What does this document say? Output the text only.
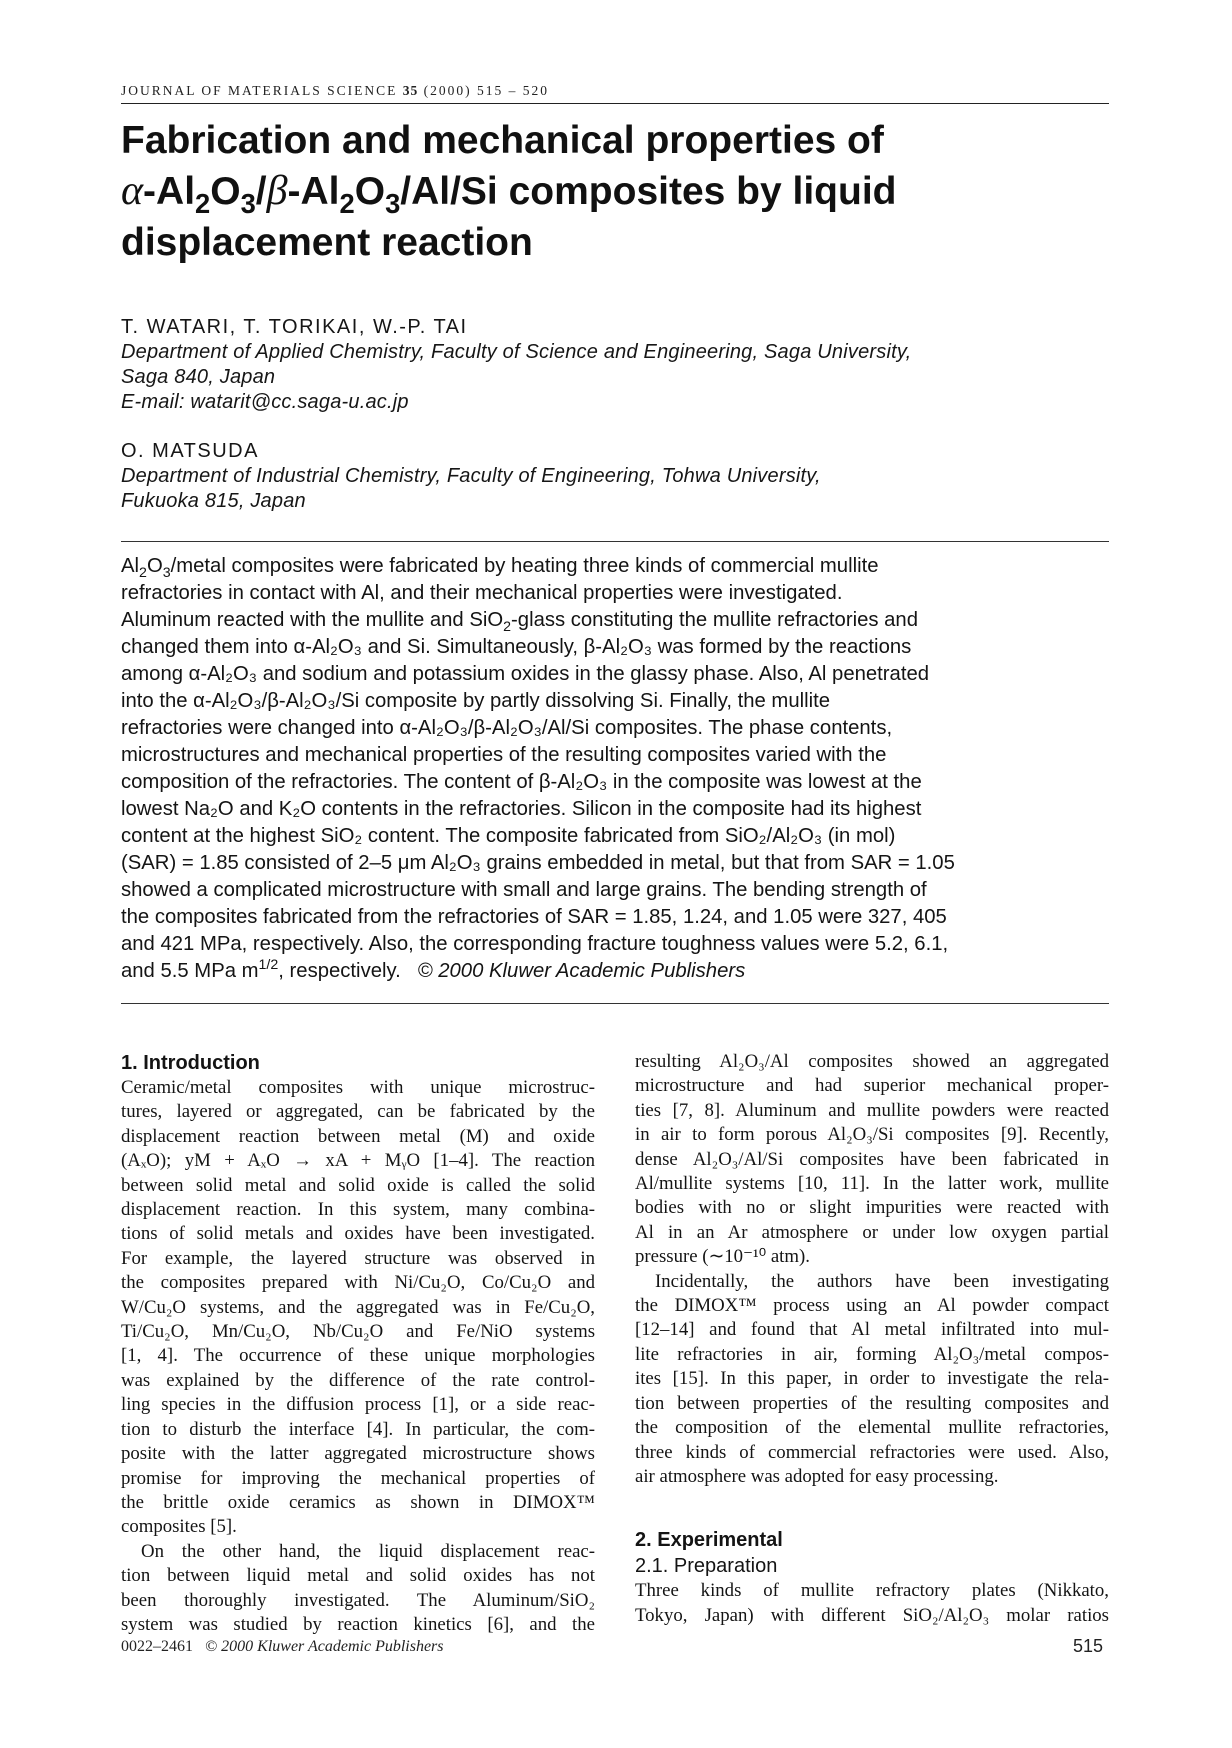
JOURNAL OF MATERIALS SCIENCE 35 (2000) 515 – 520
Fabrication and mechanical properties of
$\alpha-Al_2O_3/\beta-Al_2O_3/Al/Si$ composites by liquid
displacement reaction
T. WATARI, T. TORIKAI, W.-P. TAI
Department of Applied Chemistry, Faculty of Science and Engineering, Saga University,
Saga 840, Japan
E-mail: watarit@cc.saga-u.ac.jp
O. MATSUDA
Department of Industrial Chemistry, Faculty of Engineering, Tohwa University,
Fukuoka 815, Japan
$Al_2O_3$/metal composites were fabricated by heating three kinds of commercial mullite
refractories in contact with Al, and their mechanical properties were investigated.
Aluminum reacted with the mullite and SiO$_2$-glass constituting the mullite refractories and
changed them into α-Al₂O₃ and Si. Simultaneously, β-Al₂O₃ was formed by the reactions
among α-Al₂O₃ and sodium and potassium oxides in the glassy phase. Also, Al penetrated
into the α-Al₂O₃/β-Al₂O₃/Si composite by partly dissolving Si. Finally, the mullite
refractories were changed into α-Al₂O₃/β-Al₂O₃/Al/Si composites. The phase contents,
microstructures and mechanical properties of the resulting composites varied with the
composition of the refractories. The content of β-Al₂O₃ in the composite was lowest at the
lowest Na₂O and K₂O contents in the refractories. Silicon in the composite had its highest
content at the highest SiO₂ content. The composite fabricated from SiO₂/Al₂O₃ (in mol)
(SAR) = 1.85 consisted of 2–5 μm Al₂O₃ grains embedded in metal, but that from SAR = 1.05
showed a complicated microstructure with small and large grains. The bending strength of
the composites fabricated from the refractories of SAR = 1.85, 1.24, and 1.05 were 327, 405
and 421 MPa, respectively. Also, the corresponding fracture toughness values were 5.2, 6.1,
and 5.5 MPa $m^{1/2}$, respectively. © 2000 Kluwer Academic Publishers
1. Introduction
Ceramic/metal composites with unique microstruc-
tures, layered or aggregated, can be fabricated by the
displacement reaction between metal (M) and oxide
(AₓO); yM + AₓO → xA + MᵧO [1–4]. The reaction
between solid metal and solid oxide is called the solid
displacement reaction. In this system, many combina-
tions of solid metals and oxides have been investigated.
For example, the layered structure was observed in
the composites prepared with Ni/Cu₂O, Co/Cu₂O and
W/Cu₂O systems, and the aggregated was in Fe/Cu₂O,
Ti/Cu₂O, Mn/Cu₂O, Nb/Cu₂O and Fe/NiO systems
[1, 4]. The occurrence of these unique morphologies
was explained by the difference of the rate control-
ling species in the diffusion process [1], or a side reac-
tion to disturb the interface [4]. In particular, the com-
posite with the latter aggregated microstructure shows
promise for improving the mechanical properties of
the brittle oxide ceramics as shown in DIMOX™
composites [5].
On the other hand, the liquid displacement reac-
tion between liquid metal and solid oxides has not
been thoroughly investigated. The Aluminum/SiO₂
system was studied by reaction kinetics [6], and the
resulting Al₂O₃/Al composites showed an aggregated
microstructure and had superior mechanical proper-
ties [7, 8]. Aluminum and mullite powders were reacted
in air to form porous Al₂O₃/Si composites [9]. Recently,
dense Al₂O₃/Al/Si composites have been fabricated in
Al/mullite systems [10, 11]. In the latter work, mullite
bodies with no or slight impurities were reacted with
Al in an Ar atmosphere or under low oxygen partial
pressure (∼10⁻¹⁰ atm).
Incidentally, the authors have been investigating
the DIMOX™ process using an Al powder compact
[12–14] and found that Al metal infiltrated into mul-
lite refractories in air, forming Al₂O₃/metal compos-
ites [15]. In this paper, in order to investigate the rela-
tion between properties of the resulting composites and
the composition of the elemental mullite refractories,
three kinds of commercial refractories were used. Also,
air atmosphere was adopted for easy processing.
2. Experimental
2.1. Preparation
Three kinds of mullite refractory plates (Nikkato,
Tokyo, Japan) with different SiO₂/Al₂O₃ molar ratios
0022–2461 © 2000 Kluwer Academic Publishers	515
